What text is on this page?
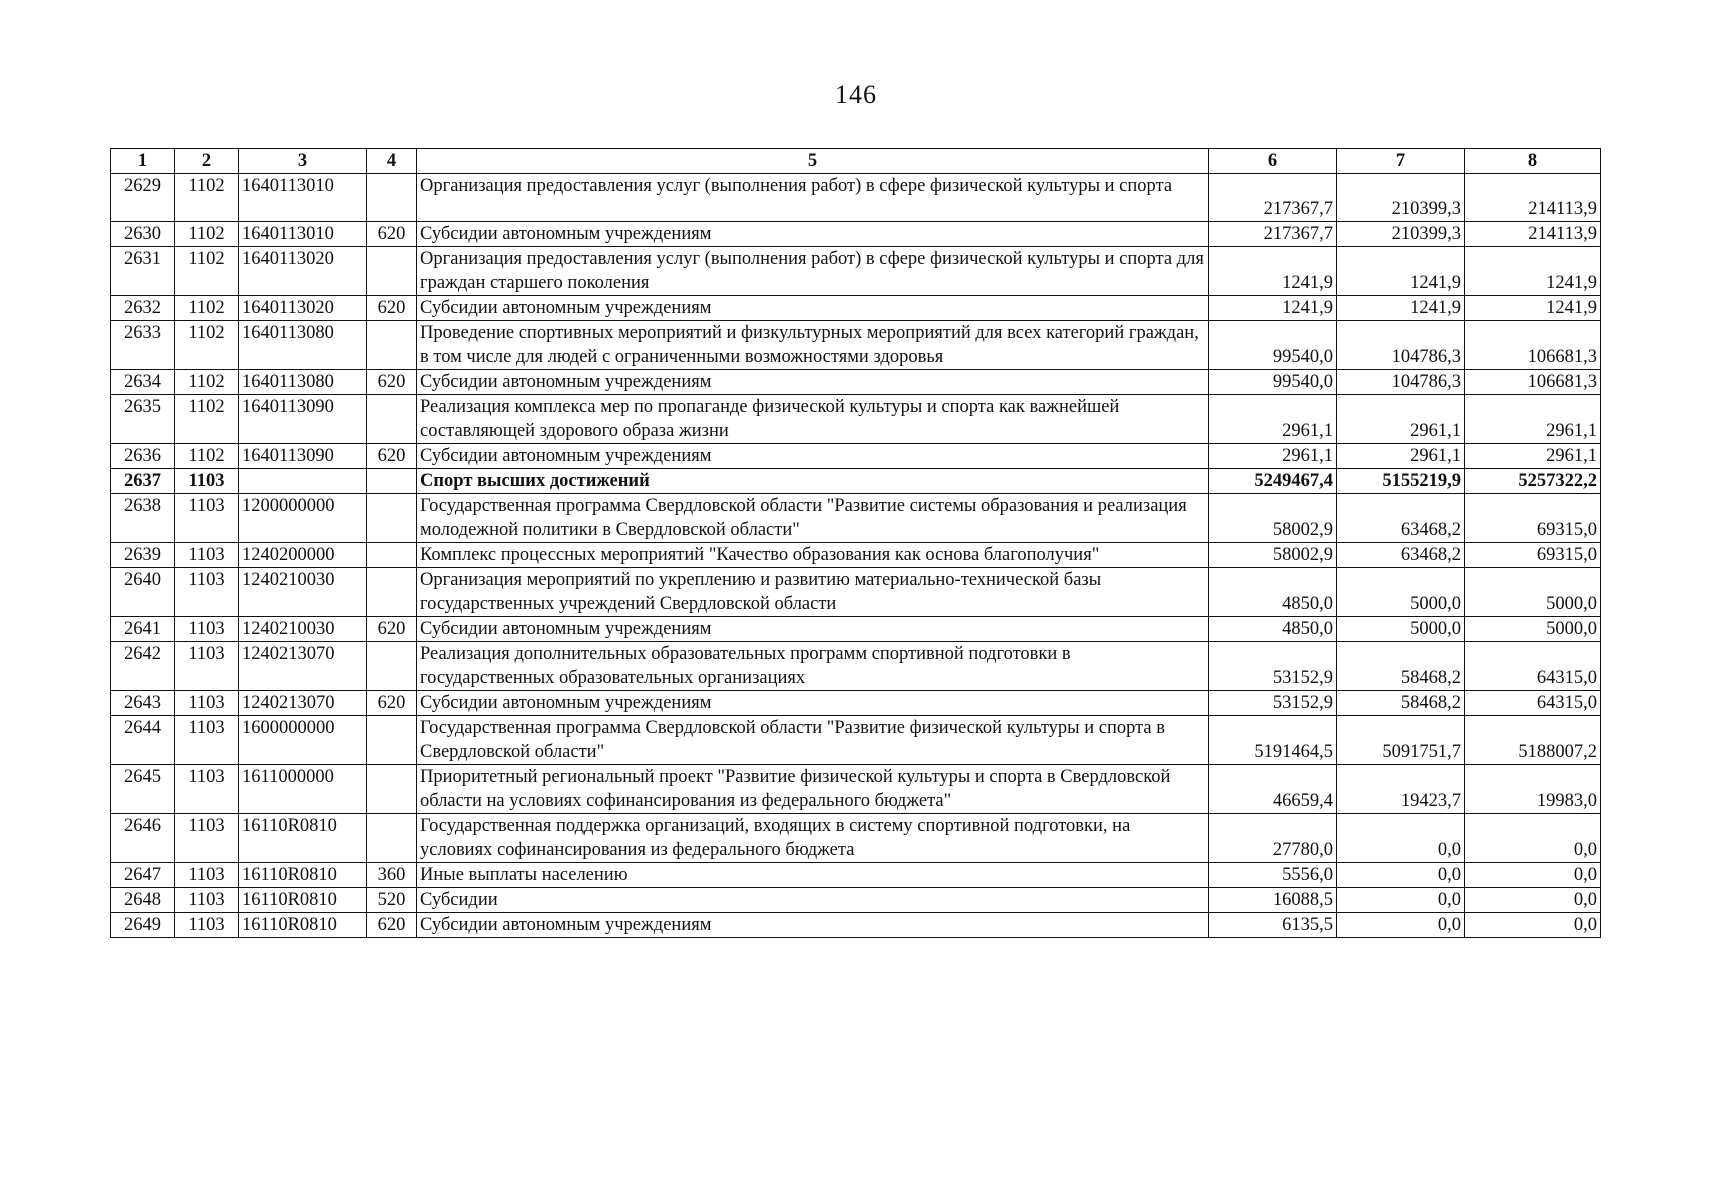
146
1	2	3	4	5	6	7	8
2629	1102	1640113010		Организация предоставления услуг (выполнения работ) в сфере физической культуры и спорта	217367,7	210399,3	214113,9
2630	1102	1640113010	620	Субсидии автономным учреждениям	217367,7	210399,3	214113,9
2631	1102	1640113020		Организация предоставления услуг (выполнения работ) в сфере физической культуры и спорта для граждан старшего поколения	1241,9	1241,9	1241,9
2632	1102	1640113020	620	Субсидии автономным учреждениям	1241,9	1241,9	1241,9
2633	1102	1640113080		Проведение спортивных мероприятий и физкультурных мероприятий для всех категорий граждан, в том числе для людей с ограниченными возможностями здоровья	99540,0	104786,3	106681,3
2634	1102	1640113080	620	Субсидии автономным учреждениям	99540,0	104786,3	106681,3
2635	1102	1640113090		Реализация комплекса мер по пропаганде физической культуры и спорта как важнейшей составляющей здорового образа жизни	2961,1	2961,1	2961,1
2636	1102	1640113090	620	Субсидии автономным учреждениям	2961,1	2961,1	2961,1
2637	1103			Спорт высших достижений	5249467,4	5155219,9	5257322,2
2638	1103	1200000000		Государственная программа Свердловской области "Развитие системы образования и реализация молодежной политики в Свердловской области"	58002,9	63468,2	69315,0
2639	1103	1240200000		Комплекс процессных мероприятий "Качество образования как основа благополучия"	58002,9	63468,2	69315,0
2640	1103	1240210030		Организация мероприятий по укреплению и развитию материально-технической базы государственных учреждений Свердловской области	4850,0	5000,0	5000,0
2641	1103	1240210030	620	Субсидии автономным учреждениям	4850,0	5000,0	5000,0
2642	1103	1240213070		Реализация дополнительных образовательных программ спортивной подготовки в государственных образовательных организациях	53152,9	58468,2	64315,0
2643	1103	1240213070	620	Субсидии автономным учреждениям	53152,9	58468,2	64315,0
2644	1103	1600000000		Государственная программа Свердловской области "Развитие физической культуры и спорта в Свердловской области"	5191464,5	5091751,7	5188007,2
2645	1103	1611000000		Приоритетный региональный проект "Развитие физической культуры и спорта в Свердловской области на условиях софинансирования из федерального бюджета"	46659,4	19423,7	19983,0
2646	1103	16110R0810		Государственная поддержка организаций, входящих в систему спортивной подготовки, на условиях софинансирования из федерального бюджета	27780,0	0,0	0,0
2647	1103	16110R0810	360	Иные выплаты населению	5556,0	0,0	0,0
2648	1103	16110R0810	520	Субсидии	16088,5	0,0	0,0
2649	1103	16110R0810	620	Субсидии автономным учреждениям	6135,5	0,0	0,0
